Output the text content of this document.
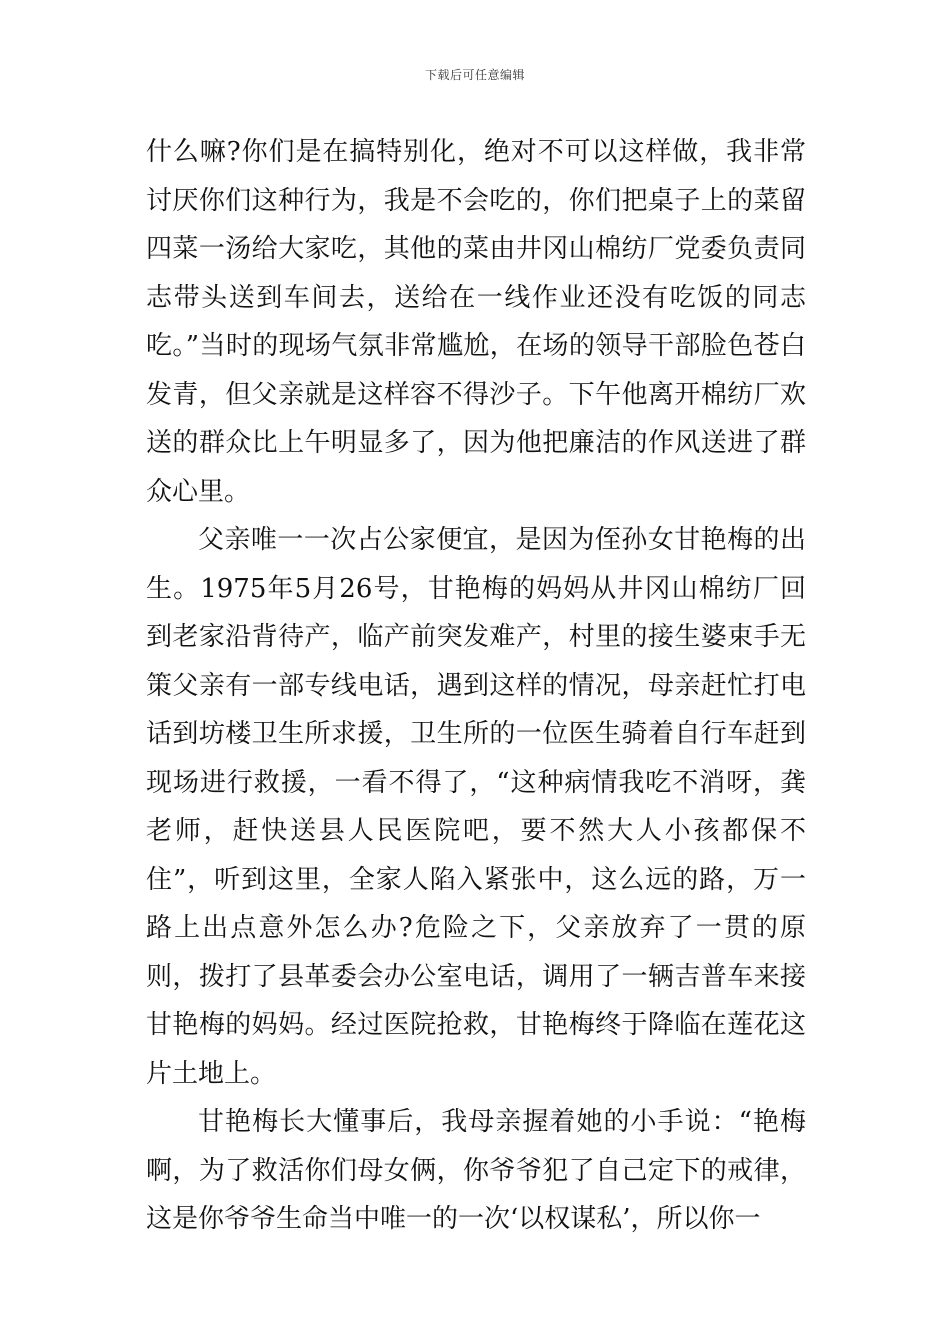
下载后可任意编辑

什么嘛?你们是在搞特别化，绝对不可以这样做，我非常讨厌你们这种行为，我是不会吃的，你们把桌子上的菜留四菜一汤给大家吃，其他的菜由井冈山棉纺厂党委负责同志带头送到车间去，送给在一线作业还没有吃饭的同志吃。”当时的现场气氛非常尴尬，在场的领导干部脸色苍白发青，但父亲就是这样容不得沙子。下午他离开棉纺厂欢送的群众比上午明显多了，因为他把廉洁的作风送进了群众心里。

父亲唯一一次占公家便宜，是因为侄孙女甘艳梅的出生。1975年5月26号，甘艳梅的妈妈从井冈山棉纺厂回到老家沿背待产，临产前突发难产，村里的接生婆束手无策父亲有一部专线电话，遇到这样的情况，母亲赶忙打电话到坊楼卫生所求援，卫生所的一位医生骑着自行车赶到现场进行救援，一看不得了，“这种病情我吃不消呀，龚老师，赶快送县人民医院吧，要不然大人小孩都保不住”，听到这里，全家人陷入紧张中，这么远的路，万一路上出点意外怎么办?危险之下，父亲放弃了一贯的原则，拨打了县革委会办公室电话，调用了一辆吉普车来接甘艳梅的妈妈。经过医院抢救，甘艳梅终于降临在莲花这片土地上。

甘艳梅长大懂事后，我母亲握着她的小手说：“艳梅啊，为了救活你们母女俩，你爷爷犯了自己定下的戒律，这是你爷爷生命当中唯一的一次‘以权谋私’，所以你一
